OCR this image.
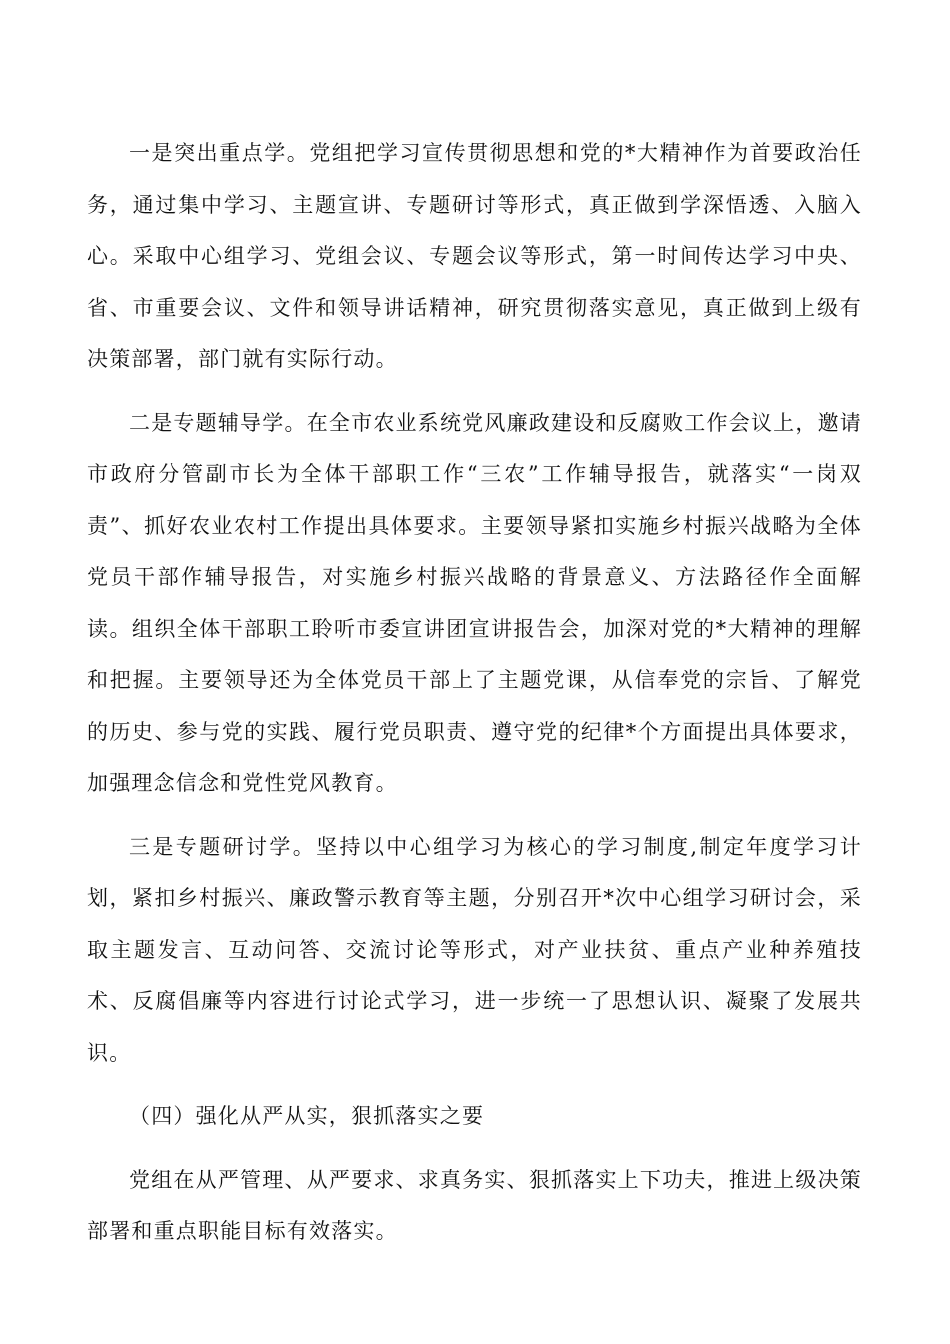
一是突出重点学。党组把学习宣传贯彻思想和党的*大精神作为首要政治任务，通过集中学习、主题宣讲、专题研讨等形式，真正做到学深悟透、入脑入心。采取中心组学习、党组会议、专题会议等形式，第一时间传达学习中央、省、市重要会议、文件和领导讲话精神，研究贯彻落实意见，真正做到上级有决策部署，部门就有实际行动。

二是专题辅导学。在全市农业系统党风廉政建设和反腐败工作会议上，邀请市政府分管副市长为全体干部职工作“三农”工作辅导报告，就落实“一岗双责”、抓好农业农村工作提出具体要求。主要领导紧扣实施乡村振兴战略为全体党员干部作辅导报告，对实施乡村振兴战略的背景意义、方法路径作全面解读。组织全体干部职工聆听市委宣讲团宣讲报告会，加深对党的*大精神的理解和把握。主要领导还为全体党员干部上了主题党课，从信奉党的宗旨、了解党的历史、参与党的实践、履行党员职责、遵守党的纪律*个方面提出具体要求，加强理念信念和党性党风教育。

三是专题研讨学。坚持以中心组学习为核心的学习制度,制定年度学习计划，紧扣乡村振兴、廉政警示教育等主题，分别召开*次中心组学习研讨会，采取主题发言、互动问答、交流讨论等形式，对产业扶贫、重点产业种养殖技术、反腐倡廉等内容进行讨论式学习，进一步统一了思想认识、凝聚了发展共识。

（四）强化从严从实，狠抓落实之要

党组在从严管理、从严要求、求真务实、狠抓落实上下功夫，推进上级决策部署和重点职能目标有效落实。
